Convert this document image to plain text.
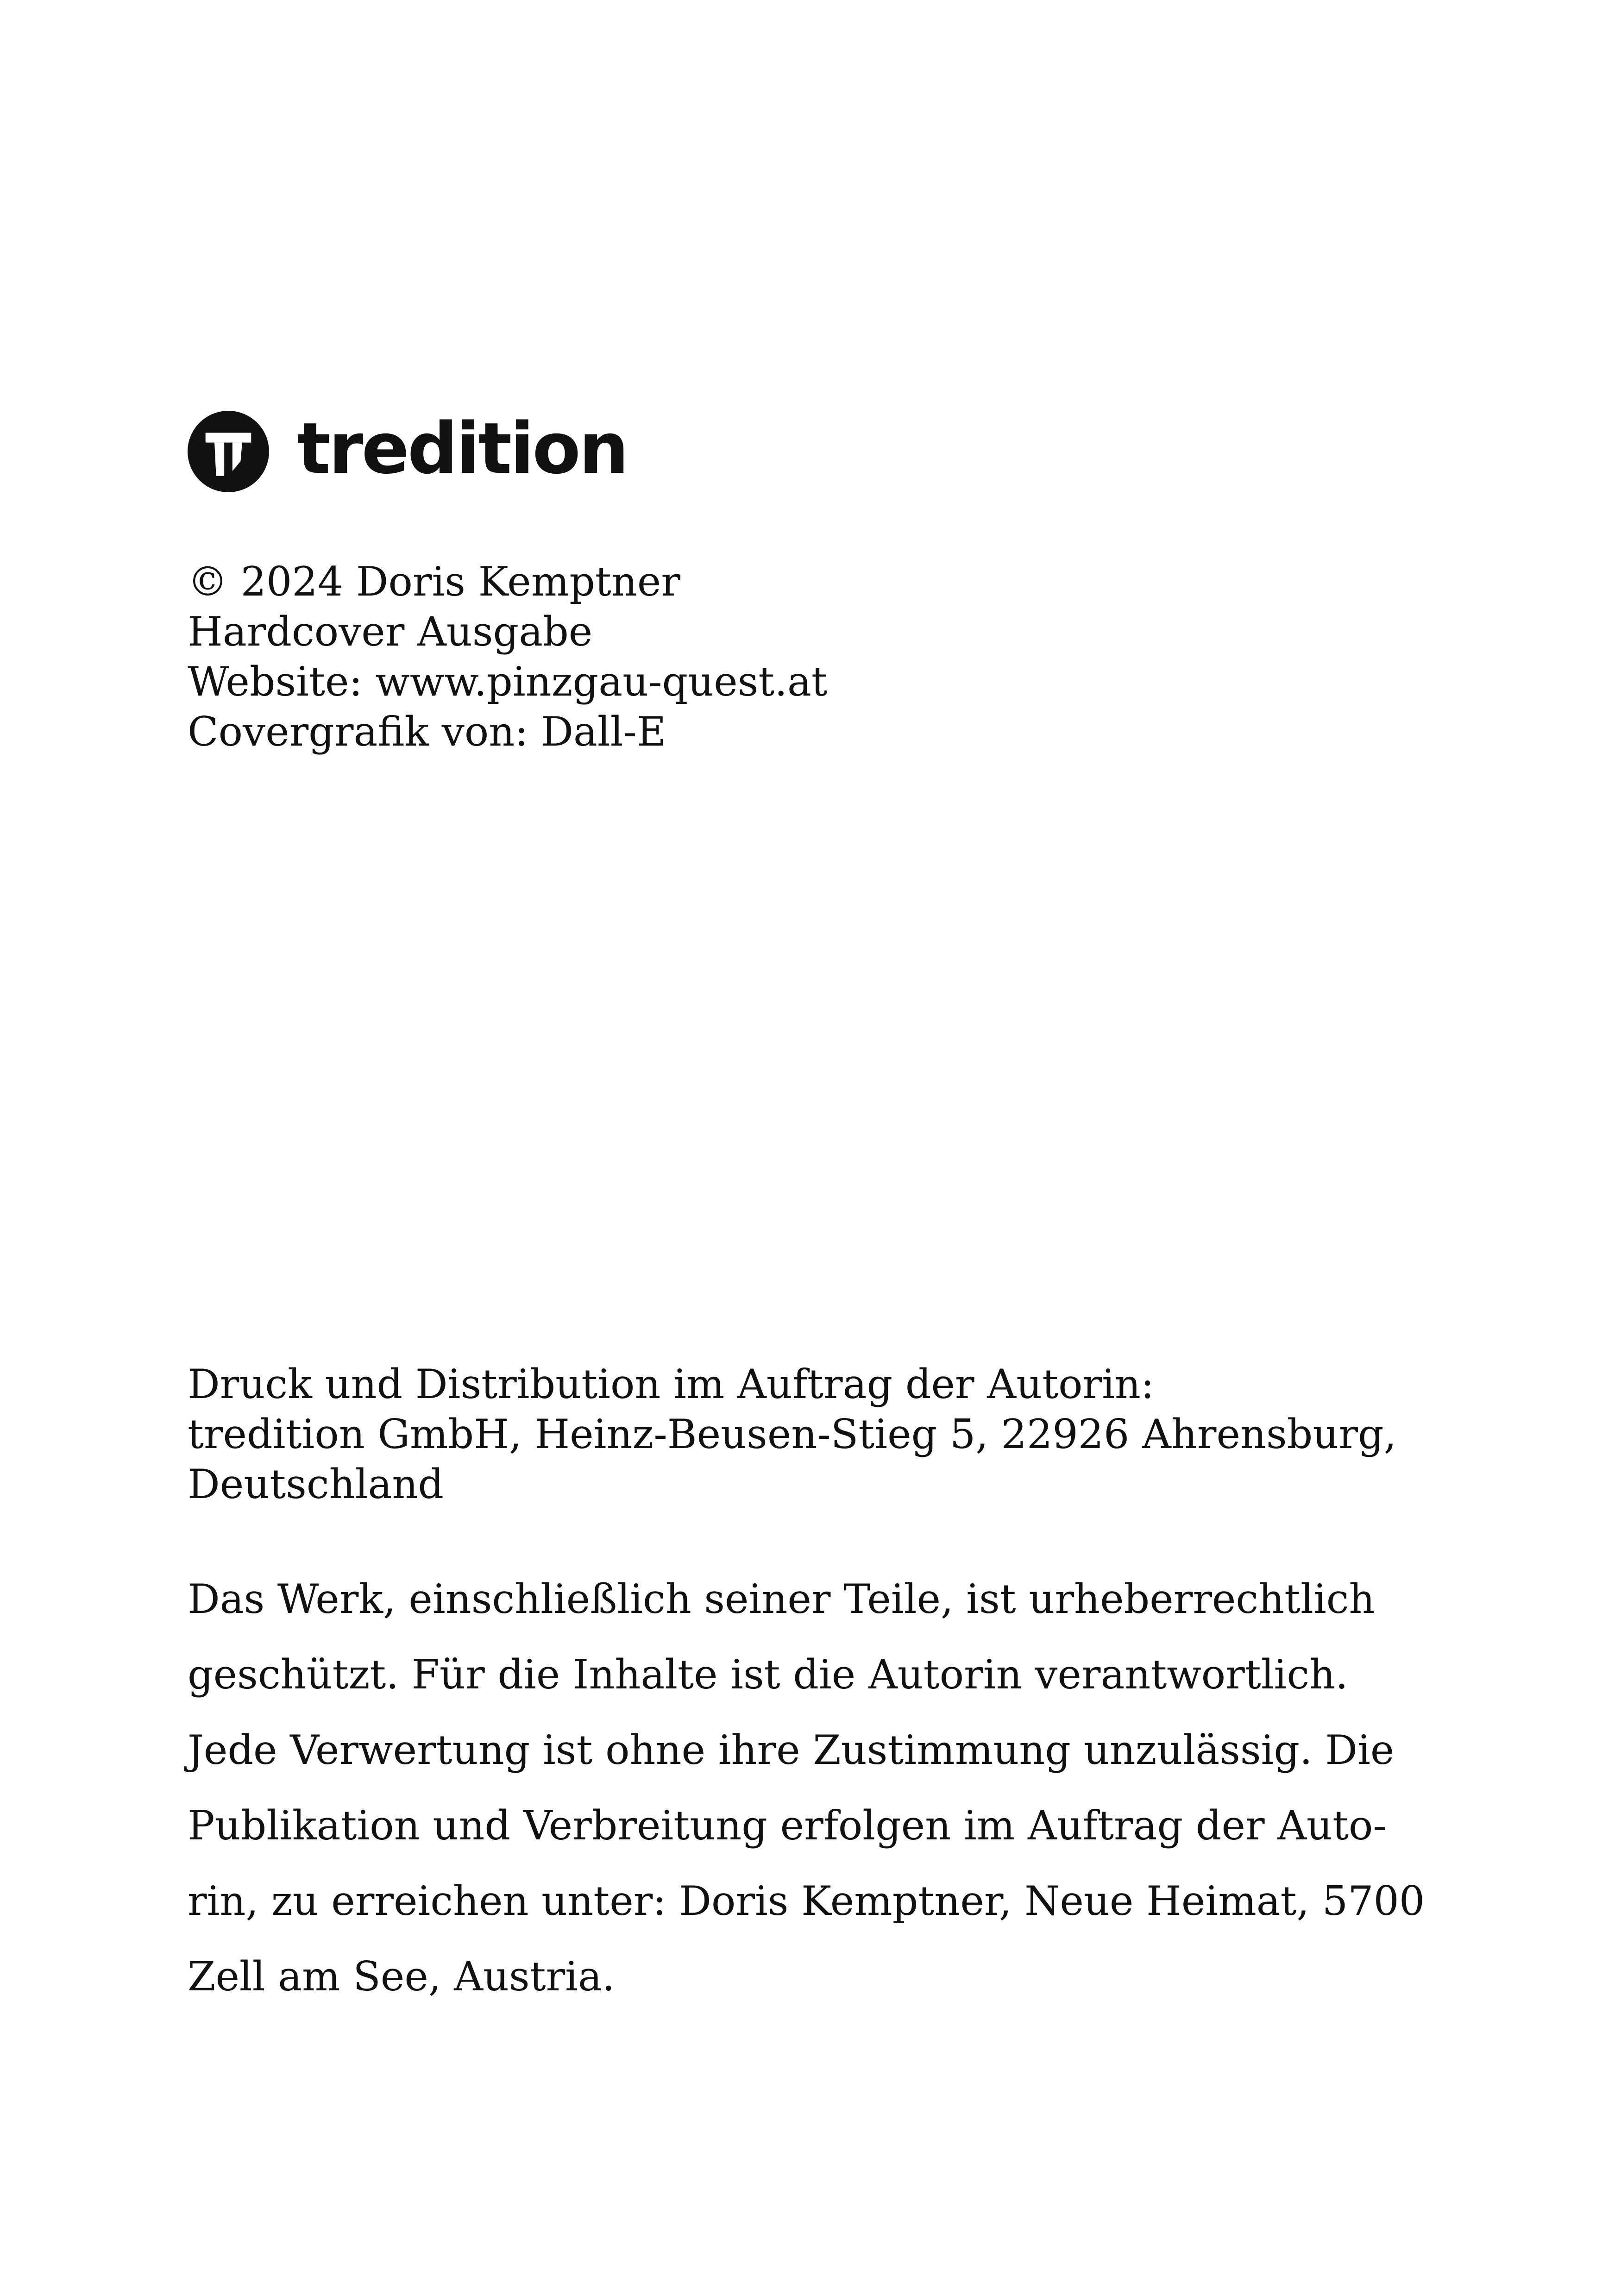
tredition
© 2024 Doris Kemptner
Hardcover Ausgabe
Website: www.pinzgau-quest.at
Covergrafik von: Dall-E
Druck und Distribution im Auftrag der Autorin:
tredition GmbH, Heinz-Beusen-Stieg 5, 22926 Ahrensburg,
Deutschland
Das Werk, einschließlich seiner Teile, ist urheberrechtlich
geschützt. Für die Inhalte ist die Autorin verantwortlich.
Jede Verwertung ist ohne ihre Zustimmung unzulässig. Die
Publikation und Verbreitung erfolgen im Auftrag der Auto-
rin, zu erreichen unter: Doris Kemptner, Neue Heimat, 5700
Zell am See, Austria.
